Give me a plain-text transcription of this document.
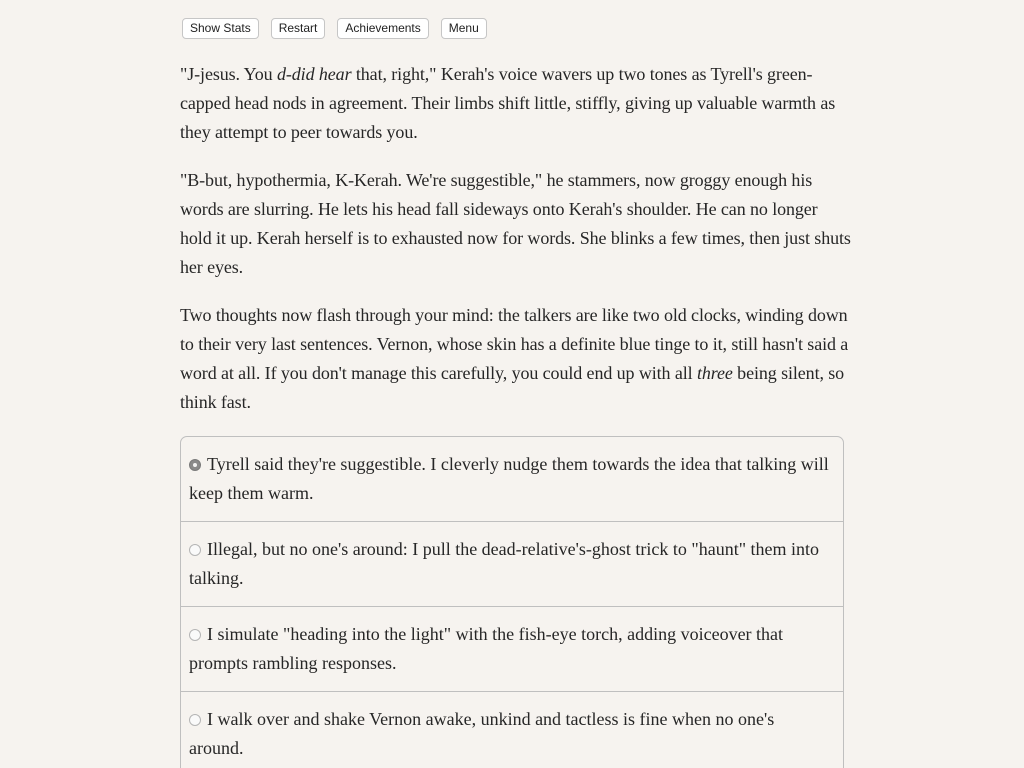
Show Stats	Restart	Achievements	Menu

"J-jesus. You d-did hear that, right," Kerah's voice wavers up two tones as Tyrell's green-capped head nods in agreement. Their limbs shift little, stiffly, giving up valuable warmth as they attempt to peer towards you.

"B-but, hypothermia, K-Kerah. We're suggestible," he stammers, now groggy enough his words are slurring. He lets his head fall sideways onto Kerah's shoulder. He can no longer hold it up. Kerah herself is to exhausted now for words. She blinks a few times, then just shuts her eyes.

Two thoughts now flash through your mind: the talkers are like two old clocks, winding down to their very last sentences. Vernon, whose skin has a definite blue tinge to it, still hasn't said a word at all. If you don't manage this carefully, you could end up with all three being silent, so think fast.

Tyrell said they're suggestible. I cleverly nudge them towards the idea that talking will keep them warm.
Illegal, but no one's around: I pull the dead-relative's-ghost trick to "haunt" them into talking.
I simulate "heading into the light" with the fish-eye torch, adding voiceover that prompts rambling responses.
I walk over and shake Vernon awake, unkind and tactless is fine when no one's around.
